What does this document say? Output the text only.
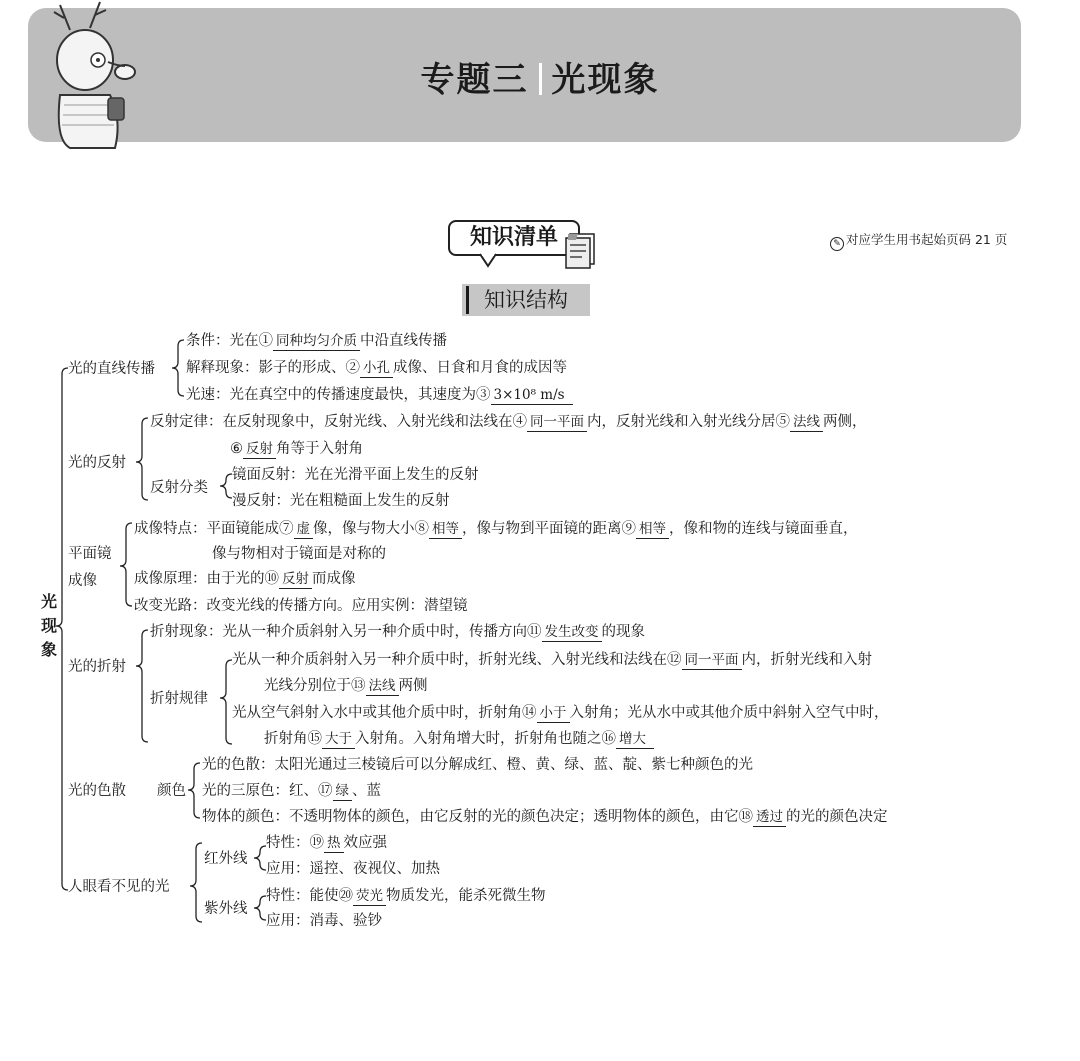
专题三 光现象
知识清单	✎ 对应学生用书起始页码 21 页
知识结构
光
现
象
光的直线传播
光的反射
平面镜
成像
光的折射
光的色散 颜色
人眼看不见的光
条件：光在① 同种均匀介质 中沿直线传播
解释现象：影子的形成、② 小孔 成像、日食和月食的成因等
光速：光在真空中的传播速度最快，其速度为③ 3×10⁸ m/s
反射定律：在反射现象中，反射光线、入射光线和法线在④ 同一平面 内，反射光线和入射光线分居⑤ 法线 两侧，
⑥ 反射 角等于入射角
反射分类
镜面反射：光在光滑平面上发生的反射
漫反射：光在粗糙面上发生的反射
成像特点：平面镜能成⑦ 虚 像，像与物大小⑧ 相等 ，像与物到平面镜的距离⑨ 相等 ，像和物的连线与镜面垂直，
像与物相对于镜面是对称的
成像原理：由于光的⑩ 反射 而成像
改变光路：改变光线的传播方向。应用实例：潜望镜
折射现象：光从一种介质斜射入另一种介质中时，传播方向⑪ 发生改变 的现象
折射规律
光从一种介质斜射入另一种介质中时，折射光线、入射光线和法线在⑫ 同一平面 内，折射光线和入射
光线分别位于⑬ 法线 两侧
光从空气斜射入水中或其他介质中时，折射角⑭ 小于 入射角；光从水中或其他介质中斜射入空气中时，
折射角⑮ 大于 入射角。入射角增大时，折射角也随之⑯ 增大
光的色散：太阳光通过三棱镜后可以分解成红、橙、黄、绿、蓝、靛、紫七种颜色的光
光的三原色：红、⑰ 绿 、蓝
物体的颜色：不透明物体的颜色，由它反射的光的颜色决定；透明物体的颜色，由它⑱ 透过 的光的颜色决定
红外线
特性：⑲ 热 效应强
应用：遥控、夜视仪、加热
紫外线
特性：能使⑳ 荧光 物质发光，能杀死微生物
应用：消毒、验钞
